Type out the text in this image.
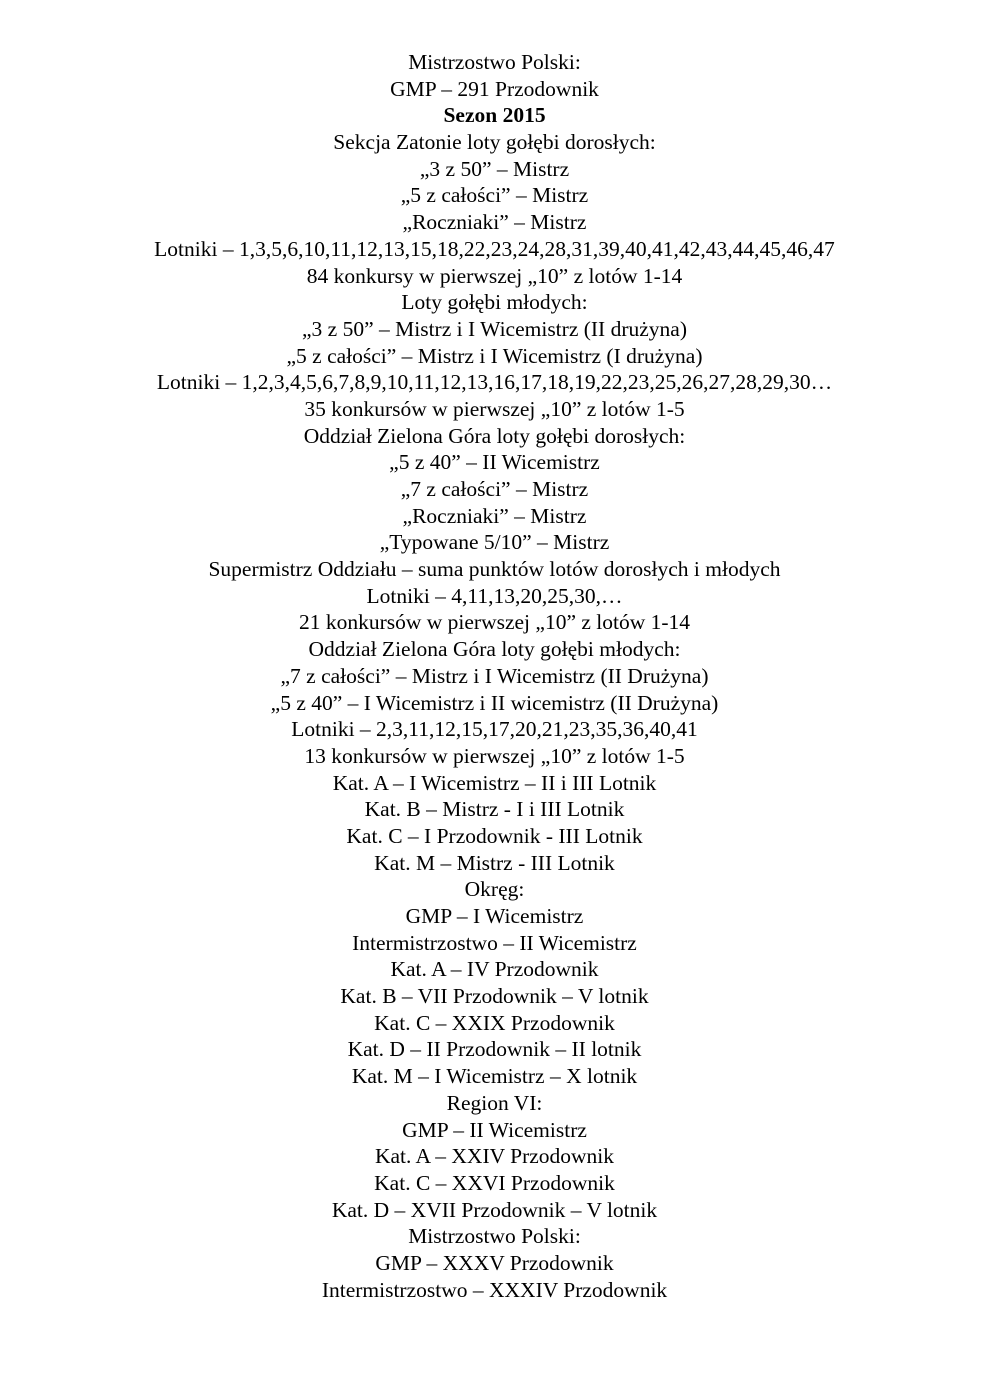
Mistrzostwo Polski:
GMP – 291 Przodownik
Sezon 2015
Sekcja Zatonie loty gołębi dorosłych:
„3 z 50” – Mistrz
„5 z całości” – Mistrz
„Roczniaki” – Mistrz
Lotniki – 1,3,5,6,10,11,12,13,15,18,22,23,24,28,31,39,40,41,42,43,44,45,46,47
84 konkursy w pierwszej „10” z lotów 1-14
Loty gołębi młodych:
„3 z 50” – Mistrz i I Wicemistrz (II drużyna)
„5 z całości” – Mistrz i I Wicemistrz (I drużyna)
Lotniki – 1,2,3,4,5,6,7,8,9,10,11,12,13,16,17,18,19,22,23,25,26,27,28,29,30…
35 konkursów w pierwszej „10” z lotów 1-5
Oddział Zielona Góra loty gołębi dorosłych:
„5 z 40” – II Wicemistrz
„7 z całości” – Mistrz
„Roczniaki” – Mistrz
„Typowane 5/10” – Mistrz
Supermistrz Oddziału – suma punktów lotów dorosłych i młodych
Lotniki – 4,11,13,20,25,30,…
21 konkursów w pierwszej „10” z lotów 1-14
Oddział Zielona Góra loty gołębi młodych:
„7 z całości” – Mistrz i I Wicemistrz (II Drużyna)
„5 z 40” – I Wicemistrz i II wicemistrz (II Drużyna)
Lotniki – 2,3,11,12,15,17,20,21,23,35,36,40,41
13 konkursów w pierwszej „10” z lotów 1-5
Kat. A – I Wicemistrz – II i III Lotnik
Kat. B – Mistrz - I i III Lotnik
Kat. C – I Przodownik - III Lotnik
Kat. M – Mistrz - III Lotnik
Okręg:
GMP – I Wicemistrz
Intermistrzostwo – II Wicemistrz
Kat. A – IV Przodownik
Kat. B – VII Przodownik – V lotnik
Kat. C – XXIX Przodownik
Kat. D – II Przodownik – II lotnik
Kat. M – I Wicemistrz – X lotnik
Region VI:
GMP – II Wicemistrz
Kat. A – XXIV Przodownik
Kat. C – XXVI Przodownik
Kat. D – XVII Przodownik – V lotnik
Mistrzostwo Polski:
GMP – XXXV Przodownik
Intermistrzostwo – XXXIV Przodownik
